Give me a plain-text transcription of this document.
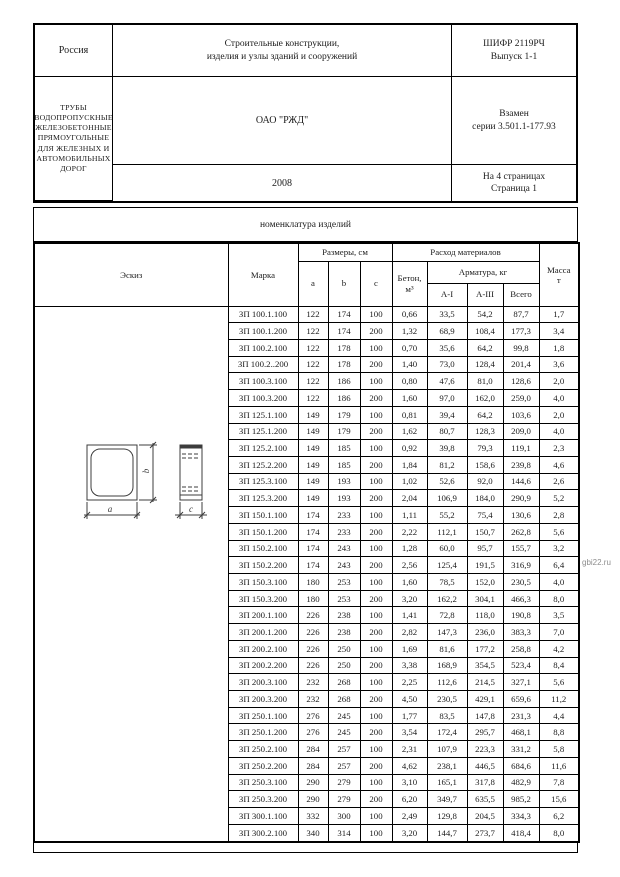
Россия
Строительные конструкции,
изделия и узлы зданий и сооружений
ШИФР 2119РЧ
Выпуск 1-1
ОАО "РЖД"
ТРУБЫ ВОДОПРОПУСКНЫЕ
ЖЕЛЕЗОБЕТОННЫЕ ПРЯМОУГОЛЬНЫЕ
ДЛЯ ЖЕЛЕЗНЫХ И АВТОМОБИЛЬНЫХ ДОРОГ
Взамен
серии 3.501.1-177.93
2008
На 4 страницах
Страница 1
номенклатура изделий
Эскиз	Марка	Размеры, см			Расход материалов				Масса
т
		a	b	c	Бетон,
м³	Арматура, кг			
						A-I	A-III	Всего	

a
b
c	ЗП 100.1.100	122	174	100	0,66	33,5	54,2	87,7	1,7
	ЗП 100.1.200	122	174	200	1,32	68,9	108,4	177,3	3,4
	ЗП 100.2.100	122	178	100	0,70	35,6	64,2	99,8	1,8
	ЗП 100.2..200	122	178	200	1,40	73,0	128,4	201,4	3,6
	ЗП 100.3.100	122	186	100	0,80	47,6	81,0	128,6	2,0
	ЗП 100.3.200	122	186	200	1,60	97,0	162,0	259,0	4,0
	ЗП 125.1.100	149	179	100	0,81	39,4	64,2	103,6	2,0
	ЗП 125.1.200	149	179	200	1,62	80,7	128,3	209,0	4,0
	ЗП 125.2.100	149	185	100	0,92	39,8	79,3	119,1	2,3
	ЗП 125.2.200	149	185	200	1,84	81,2	158,6	239,8	4,6
	ЗП 125.3.100	149	193	100	1,02	52,6	92,0	144,6	2,6
	ЗП 125.3.200	149	193	200	2,04	106,9	184,0	290,9	5,2
	ЗП 150.1.100	174	233	100	1,11	55,2	75,4	130,6	2,8
	ЗП 150.1.200	174	233	200	2,22	112,1	150,7	262,8	5,6
	ЗП 150.2.100	174	243	100	1,28	60,0	95,7	155,7	3,2
	ЗП 150.2.200	174	243	200	2,56	125,4	191,5	316,9	6,4
	ЗП 150.3.100	180	253	100	1,60	78,5	152,0	230,5	4,0
	ЗП 150.3.200	180	253	200	3,20	162,2	304,1	466,3	8,0
	ЗП 200.1.100	226	238	100	1,41	72,8	118,0	190,8	3,5
	ЗП 200.1.200	226	238	200	2,82	147,3	236,0	383,3	7,0
	ЗП 200.2.100	226	250	100	1,69	81,6	177,2	258,8	4,2
	ЗП 200.2.200	226	250	200	3,38	168,9	354,5	523,4	8,4
	ЗП 200.3.100	232	268	100	2,25	112,6	214,5	327,1	5,6
	ЗП 200.3.200	232	268	200	4,50	230,5	429,1	659,6	11,2
	ЗП 250.1.100	276	245	100	1,77	83,5	147,8	231,3	4,4
	ЗП 250.1.200	276	245	200	3,54	172,4	295,7	468,1	8,8
	ЗП 250.2.100	284	257	100	2,31	107,9	223,3	331,2	5,8
	ЗП 250.2.200	284	257	200	4,62	238,1	446,5	684,6	11,6
	ЗП 250.3.100	290	279	100	3,10	165,1	317,8	482,9	7,8
	ЗП 250.3.200	290	279	200	6,20	349,7	635,5	985,2	15,6
	ЗП 300.1.100	332	300	100	2,49	129,8	204,5	334,3	6,2
	ЗП 300.2.100	340	314	100	3,20	144,7	273,7	418,4	8,0
gbi22.ru
